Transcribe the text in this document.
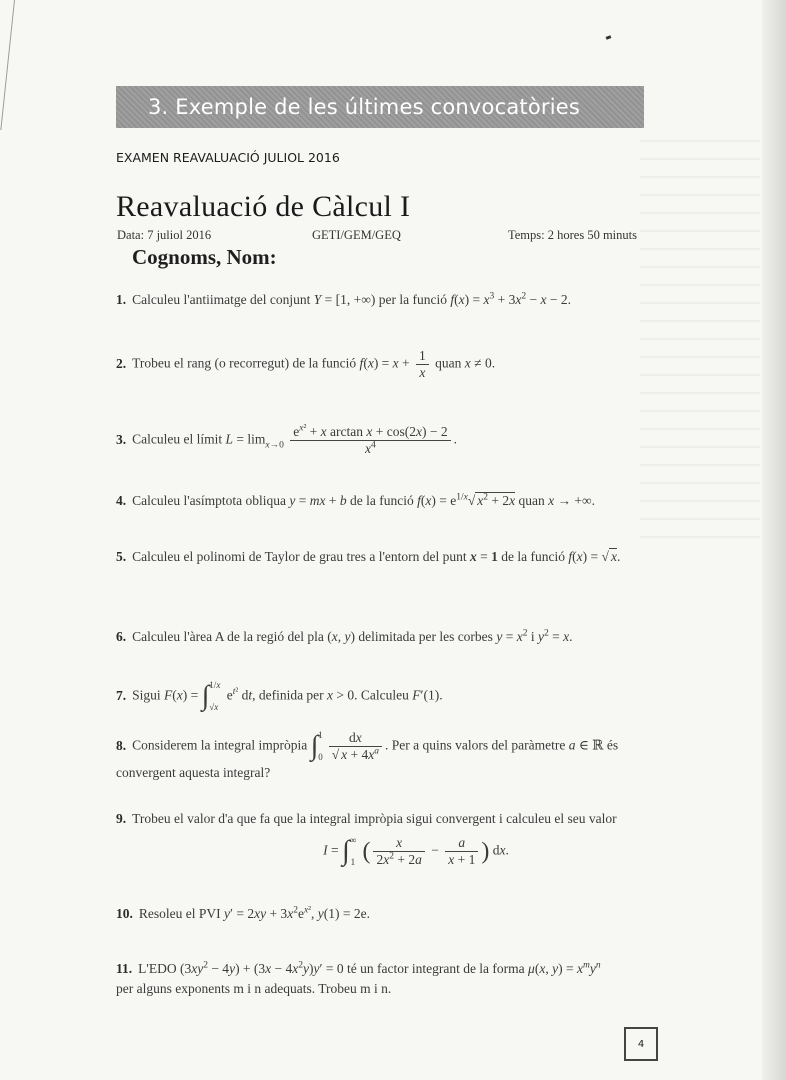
3. Exemple de les últimes convocatòries
EXAMEN REAVALUACIÓ JULIOL 2016
Reavaluació de Càlcul I
Data: 7 juliol 2016	GETI/GEM/GEQ	Temps: 2 hores 50 minuts
Cognoms, Nom:
1. Calculeu l'antiimatge del conjunt Y = [1, +∞) per la funció $f(x) = x^3 + 3x^2 - x - 2$.
2. Trobeu el rang (o recorregut) de la funció $f(x) = x + \frac{1}{x}$ quan x ≠ 0.
3. Calculeu el límit $L = \lim_{x\to 0} \frac{e^{x^2} + x \arctan x + \cos(2x) - 2}{x^4}$ .
4. Calculeu l'asímptota obliqua y = mx + b de la funció $f(x) = e^{1/x}√$ $x^2 + 2x$ quan x → +∞.
5. Calculeu el polinomi de Taylor de grau tres a l'entorn del punt x = 1 de la funció f(x) = √ x.
6. Calculeu l'àrea A de la regió del pla (x, y) delimitada per les corbes $y = x^2$ i $y^2 = x$.
7. Sigui F(x) = ∫1/x

√x $e^{t^2}$ dt, definida per x > 0. Calculeu F′(1).
8. Considerem la integral impròpia ∫1

$0 \frac{dx}{√ x + 4x^a}$ . Per a quins valors del paràmetre a ∈ ℝ és
convergent aquesta integral?
9. Trobeu el valor d'a que fa que la integral impròpia sigui convergent i calculeu el seu valor
I = ∫∞

1 ( $\frac{x}{2x^2 + 2a} - \frac{a}{x + 1}$ ) dx.
10. Resoleu el PVI $y' = 2xy + 3x^2e^{x^2}$, y(1) = 2e.
11. L'EDO $(3xy^2 - 4y) + (3x - 4x^2y)y' = 0$ té un factor integrant de la forma μ(x, $y) = x^my^n$
per alguns exponents m i n adequats. Trobeu m i n.
4
